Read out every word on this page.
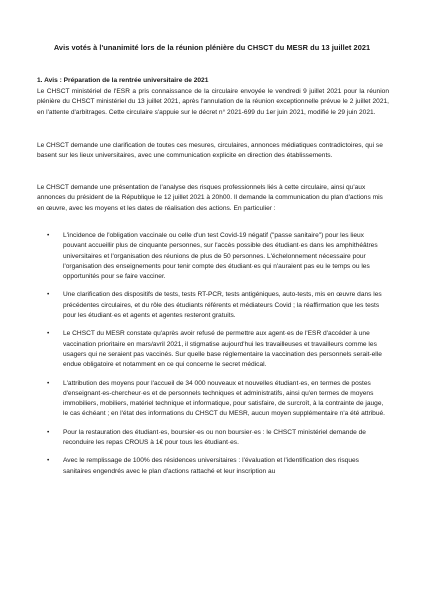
Avis votés à l'unanimité lors de la réunion plénière du CHSCT du MESR du 13 juillet 2021
1. Avis : Préparation de la rentrée universitaire de 2021
Le CHSCT ministériel de l'ESR a pris connaissance de la circulaire envoyée le vendredi 9 juillet 2021 pour la réunion plénière du CHSCT ministériel du 13 juillet 2021, après l'annulation de la réunion exceptionnelle prévue le 2 juillet 2021, en l'attente d'arbitrages. Cette circulaire s'appuie sur le décret n° 2021-699 du 1er juin 2021, modifié le 29 juin 2021.
Le CHSCT demande une clarification de toutes ces mesures, circulaires, annonces médiatiques contradictoires, qui se basent sur les lieux universitaires, avec une communication explicite en direction des établissements.
Le CHSCT demande une présentation de l'analyse des risques professionnels liés à cette circulaire, ainsi qu'aux annonces du président de la République le 12 juillet 2021 à 20h00. Il demande la communication du plan d'actions mis en œuvre, avec les moyens et les dates de réalisation des actions. En particulier :
• L'incidence de l'obligation vaccinale ou celle d'un test Covid-19 négatif ("passe sanitaire") pour les lieux pouvant accueillir plus de cinquante personnes, sur l'accès possible des étudiant·es dans les amphithéâtres universitaires et l'organisation des réunions de plus de 50 personnes. L'échelonnement nécessaire pour l'organisation des enseignements pour tenir compte des étudiant·es qui n'auraient pas eu le temps ou les opportunités pour se faire vacciner.
• Une clarification des dispositifs de tests, tests RT-PCR, tests antigéniques, auto-tests, mis en œuvre dans les précédentes circulaires, et du rôle des étudiants référents et médiateurs Covid ; la réaffirmation que les tests pour les étudiant·es et agents et agentes resteront gratuits.
• Le CHSCT du MESR constate qu'après avoir refusé de permettre aux agent·es de l'ESR d'accéder à une vaccination prioritaire en mars/avril 2021, il stigmatise aujourd'hui les travailleuses et travailleurs comme les usagers qui ne seraient pas vaccinés. Sur quelle base réglementaire la vaccination des personnels serait-elle endue obligatoire et notamment en ce qui concerne le secret médical.
• L'attribution des moyens pour l'accueil de 34 000 nouveaux et nouvelles étudiant·es, en termes de postes d'enseignant·es-chercheur·es et de personnels techniques et administratifs, ainsi qu'en termes de moyens immobiliers, mobiliers, matériel technique et informatique, pour satisfaire, de surcroît, à la contrainte de jauge, le cas échéant ; en l'état des informations du CHSCT du MESR, aucun moyen supplémentaire n'a été attribué.
• Pour la restauration des étudiant·es, boursier·es ou non boursier·es : le CHSCT ministériel demande de reconduire les repas CROUS à 1€ pour tous les étudiant·es.
• Avec le remplissage de 100% des résidences universitaires : l'évaluation et l'identification des risques sanitaires engendrés avec le plan d'actions rattaché et leur inscription au
